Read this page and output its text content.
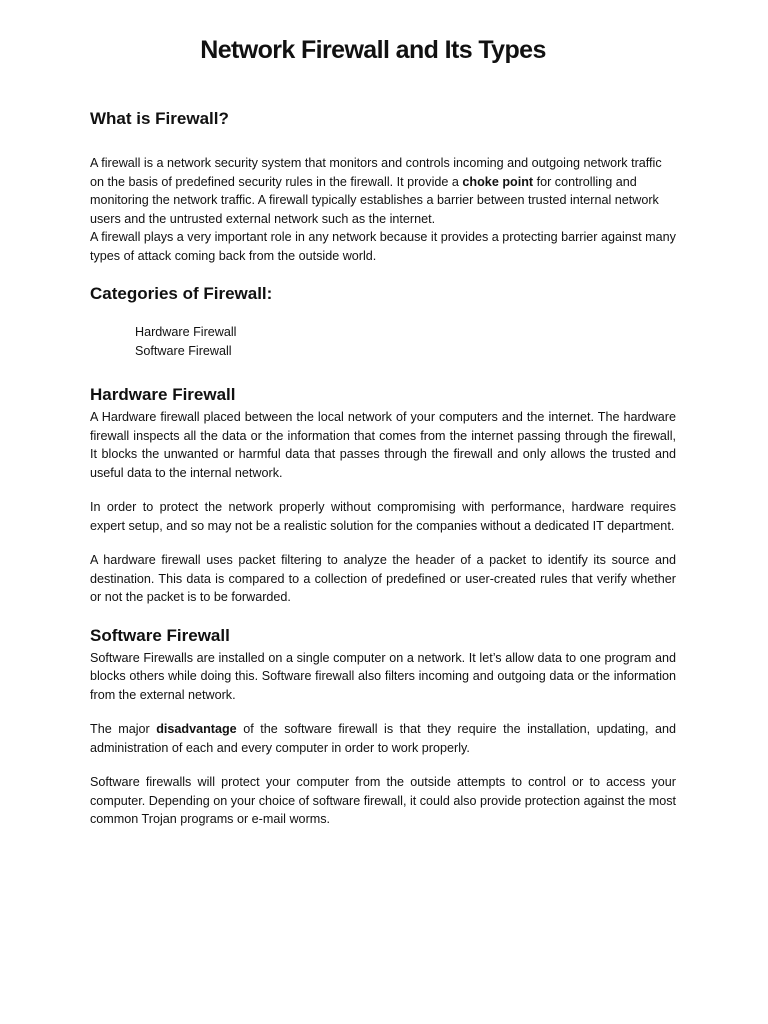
Network Firewall and Its Types
What is Firewall?

A firewall is a network security system that monitors and controls incoming and outgoing network traffic on the basis of predefined security rules in the firewall. It provide a choke point for controlling and monitoring the network traffic. A firewall typically establishes a barrier between trusted internal network users and the untrusted external network such as the internet.

A firewall plays a very important role in any network because it provides a protecting barrier against many types of attack coming back from the outside world.

Categories of Firewall:
Hardware Firewall
Software Firewall
Hardware Firewall

A Hardware firewall placed between the local network of your computers and the internet. The hardware firewall inspects all the data or the information that comes from the internet passing through the firewall, It blocks the unwanted or harmful data that passes through the firewall and only allows the trusted and useful data to the internal network.

In order to protect the network properly without compromising with performance, hardware requires expert setup, and so may not be a realistic solution for the companies without a dedicated IT department.

A hardware firewall uses packet filtering to analyze the header of a packet to identify its source and destination. This data is compared to a collection of predefined or user-created rules that verify whether or not the packet is to be forwarded.

Software Firewall

Software Firewalls are installed on a single computer on a network. It let’s allow data to one program and blocks others while doing this. Software firewall also filters incoming and outgoing data or the information from the external network.

The major disadvantage of the software firewall is that they require the installation, updating, and administration of each and every computer in order to work properly.

Software firewalls will protect your computer from the outside attempts to control or to access your computer. Depending on your choice of software firewall, it could also provide protection against the most common Trojan programs or e-mail worms.
